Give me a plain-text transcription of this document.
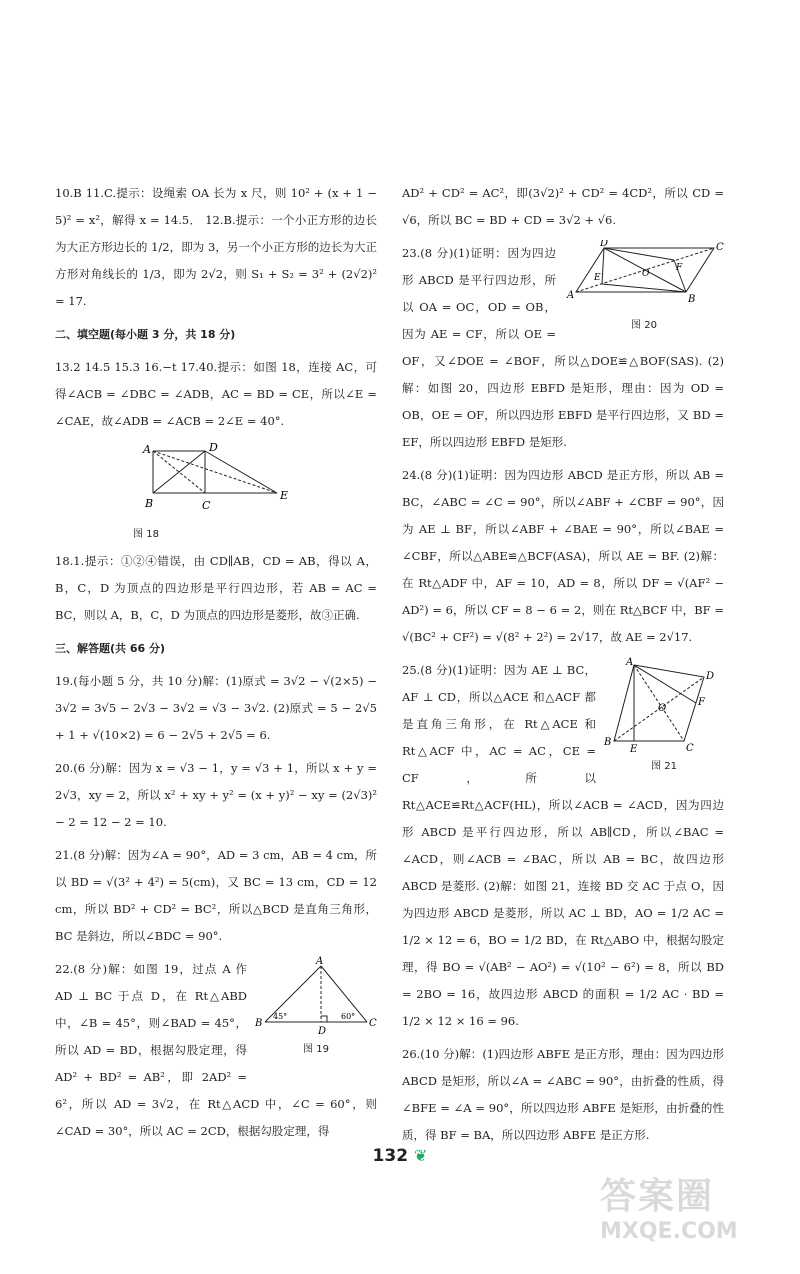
10.B 11.C.提示：设绳索 OA 长为 x 尺，则 10² + (x + 1 − 5)² = x²，解得 x = 14.5． 12.B.提示：一个小正方形的边长为大正方形边长的 1/2，即为 3，另一个小正方形的边长为大正方形对角线长的 1/3，即为 2√2，则 S₁ + S₂ = 3² + (2√2)² = 17.

二、填空题(每小题 3 分，共 18 分)

13.2 14.5 15.3 16.−t 17.40.提示：如图 18，连接 AC，可得∠ACB = ∠DBC = ∠ADB，AC = BD = CE，所以∠E = ∠CAE，故∠ADB = ∠ACB = 2∠E = 40°.

A	D
B	C
E
图 18

18.1.提示：①②④错误，由 CD∥AB，CD = AB，得以 A，B，C，D 为顶点的四边形是平行四边形，若 AB = AC = BC，则以 A，B，C，D 为顶点的四边形是菱形，故③正确.

三、解答题(共 66 分)

19.(每小题 5 分，共 10 分)解：(1)原式 = 3√2 − √(2×5) − 3√2 = 3√5 − 2√3 − 3√2 = √3 − 3√2. (2)原式 = 5 − 2√5 + 1 + √(10×2) = 6 − 2√5 + 2√5 = 6.

20.(6 分)解：因为 x = √3 − 1，y = √3 + 1，所以 x + y = 2√3，xy = 2，所以 x² + xy + y² = (x + y)² − xy = (2√3)² − 2 = 12 − 2 = 10.

21.(8 分)解：因为∠A = 90°，AD = 3 cm，AB = 4 cm，所以 BD = √(3² + 4²) = 5(cm)，又 BC = 13 cm，CD = 12 cm，所以 BD² + CD² = BC²，所以△BCD 是直角三角形，BC 是斜边，所以∠BDC = 90°.

A
B	C
D
45°	60°
图 19

22.(8 分)解：如图 19，过点 A 作 AD ⊥ BC 于点 D，在 Rt△ABD 中，∠B = 45°，则∠BAD = 45°，所以 AD = BD，根据勾股定理，得 AD² + BD² = AB²，即 2AD² = 6²，所以 AD = 3√2，在 Rt△ACD 中，∠C = 60°，则∠CAD = 30°，所以 AC = 2CD，根据勾股定理，得

AD² + CD² = AC²，即(3√2)² + CD² = 4CD²，所以 CD = √6，所以 BC = BD + CD = 3√2 + √6.

A
D	C
B
E
F
O
图 20

23.(8 分)(1)证明：因为四边形 ABCD 是平行四边形，所以 OA = OC，OD = OB，因为 AE = CF，所以 OE = OF，又∠DOE = ∠BOF，所以△DOE≌△BOF(SAS). (2)解：如图 20，四边形 EBFD 是矩形，理由：因为 OD = OB，OE = OF，所以四边形 EBFD 是平行四边形，又 BD = EF，所以四边形 EBFD 是矩形.

24.(8 分)(1)证明：因为四边形 ABCD 是正方形，所以 AB = BC，∠ABC = ∠C = 90°，所以∠ABF + ∠CBF = 90°，因为 AE ⊥ BF，所以∠ABF + ∠BAE = 90°，所以∠BAE = ∠CBF，所以△ABE≌△BCF(ASA)，所以 AE = BF. (2)解：在 Rt△ADF 中，AF = 10，AD = 8，所以 DF = √(AF² − AD²) = 6，所以 CF = 8 − 6 = 2，则在 Rt△BCF 中，BF = √(BC² + CF²) = √(8² + 2²) = 2√17，故 AE = 2√17.

A
D
F
O
B
E	C
图 21

25.(8 分)(1)证明：因为 AE ⊥ BC，AF ⊥ CD，所以△ACE 和△ACF 都是直角三角形，在 Rt△ACE 和 Rt△ACF 中，AC = AC，CE = CF，所以 Rt△ACE≌Rt△ACF(HL)，所以∠ACB = ∠ACD，因为四边形 ABCD 是平行四边形，所以 AB∥CD，所以∠BAC = ∠ACD，则∠ACB = ∠BAC，所以 AB = BC，故四边形 ABCD 是菱形. (2)解：如图 21，连接 BD 交 AC 于点 O，因为四边形 ABCD 是菱形，所以 AC ⊥ BD，AO = 1/2 AC = 1/2 × 12 = 6，BO = 1/2 BD，在 Rt△ABO 中，根据勾股定理，得 BO = √(AB² − AO²) = √(10² − 6²) = 8，所以 BD = 2BO = 16，故四边形 ABCD 的面积 = 1/2 AC · BD = 1/2 × 12 × 16 = 96.

26.(10 分)解：(1)四边形 ABFE 是正方形，理由：因为四边形 ABCD 是矩形，所以∠A = ∠ABC = 90°，由折叠的性质，得∠BFE = ∠A = 90°，所以四边形 ABFE 是矩形，由折叠的性质，得 BF = BA，所以四边形 ABFE 是正方形.

132 ❦
答案圈
MXQE.COM
